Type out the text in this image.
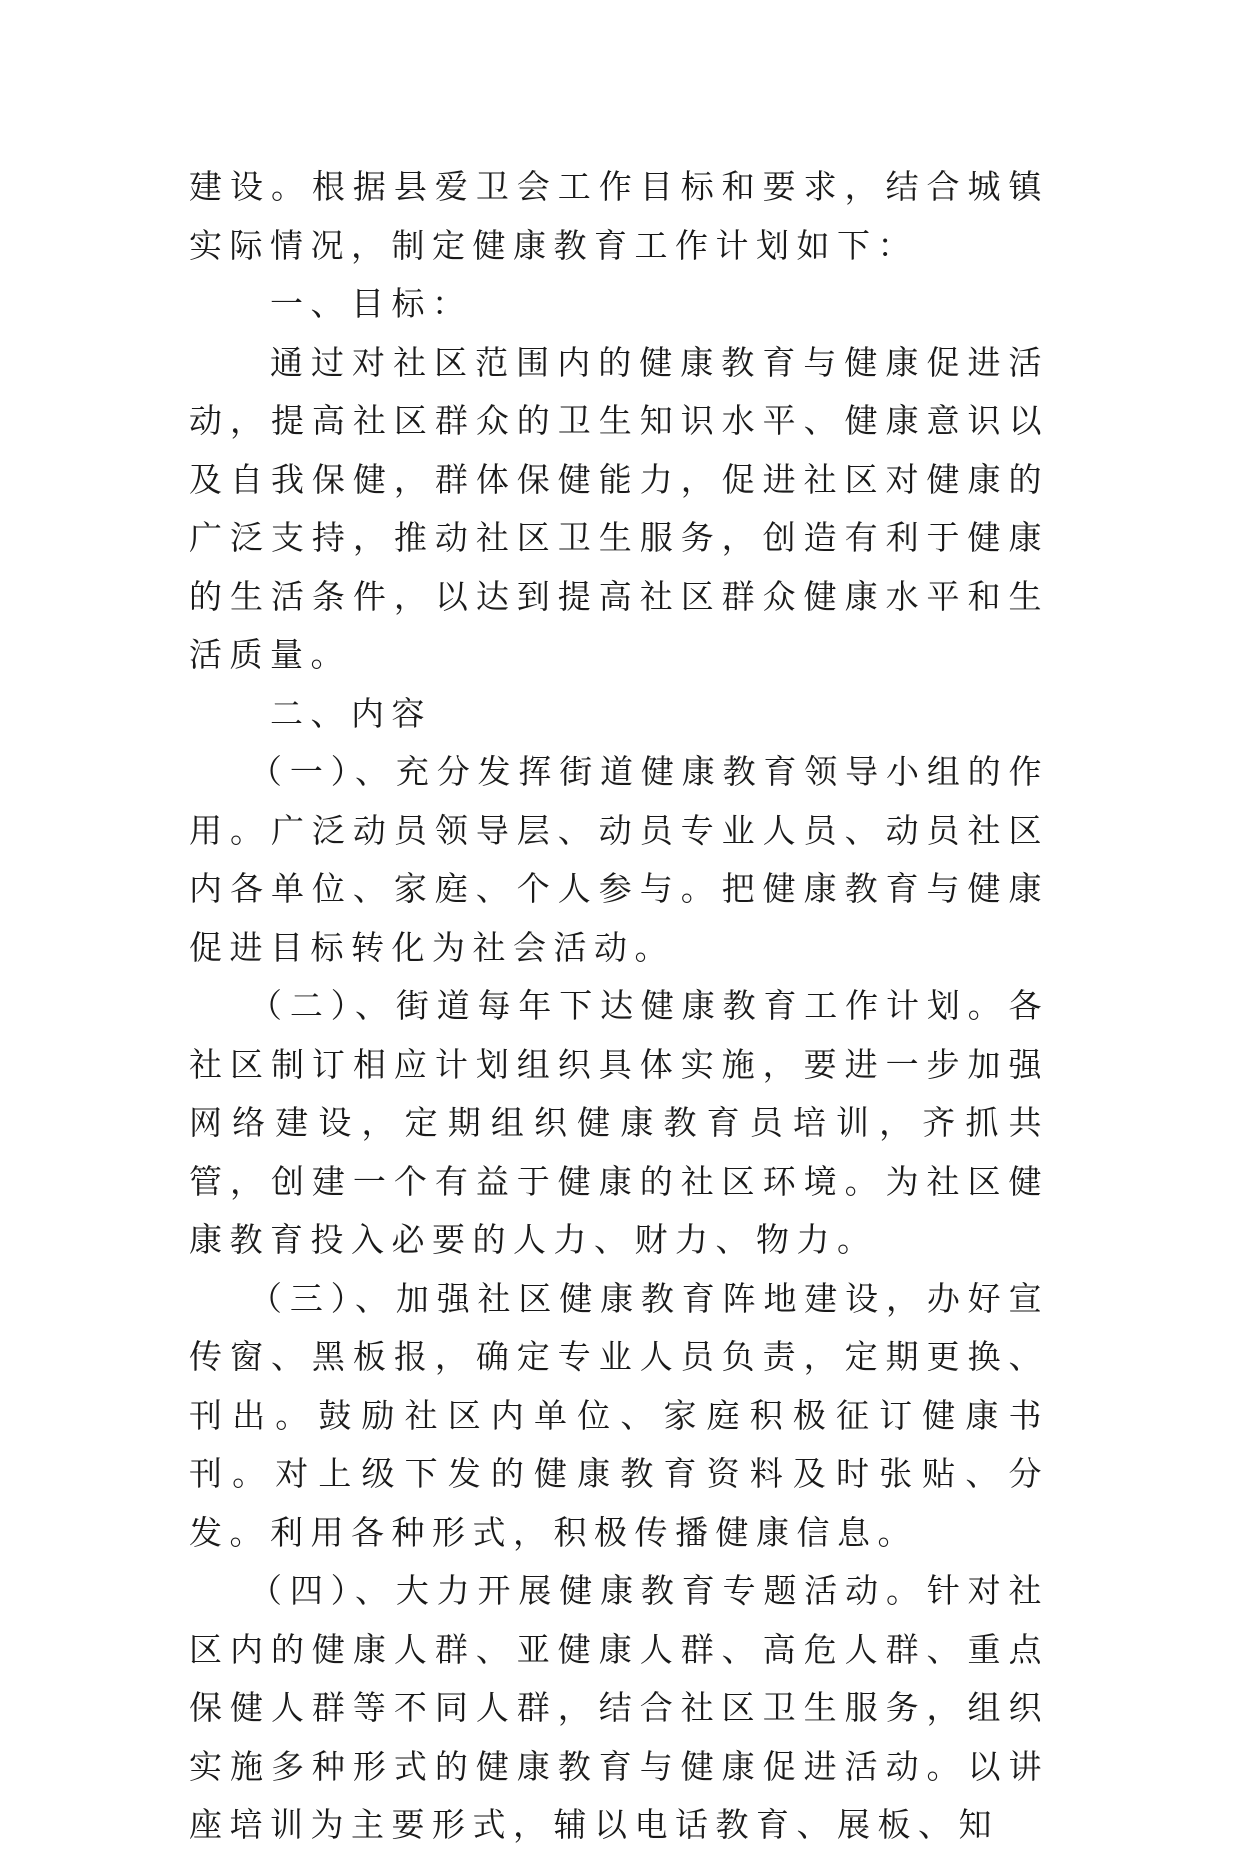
建设。根据县爱卫会工作目标和要求，结合城镇实际情况，制定健康教育工作计划如下：

一、目标：

通过对社区范围内的健康教育与健康促进活动，提高社区群众的卫生知识水平、健康意识以及自我保健，群体保健能力，促进社区对健康的广泛支持，推动社区卫生服务，创造有利于健康的生活条件，以达到提高社区群众健康水平和生活质量。

二、内容

（一）、充分发挥街道健康教育领导小组的作用。广泛动员领导层、动员专业人员、动员社区内各单位、家庭、个人参与。把健康教育与健康促进目标转化为社会活动。

（二）、街道每年下达健康教育工作计划。各社区制订相应计划组织具体实施，要进一步加强网络建设，定期组织健康教育员培训，齐抓共管，创建一个有益于健康的社区环境。为社区健康教育投入必要的人力、财力、物力。

（三）、加强社区健康教育阵地建设，办好宣传窗、黑板报，确定专业人员负责，定期更换、刊出。鼓励社区内单位、家庭积极征订健康书刊。对上级下发的健康教育资料及时张贴、分发。利用各种形式，积极传播健康信息。

（四）、大力开展健康教育专题活动。针对社区内的健康人群、亚健康人群、高危人群、重点保健人群等不同人群，结合社区卫生服务，组织实施多种形式的健康教育与健康促进活动。以讲座培训为主要形式，辅以电话教育、展板、知
